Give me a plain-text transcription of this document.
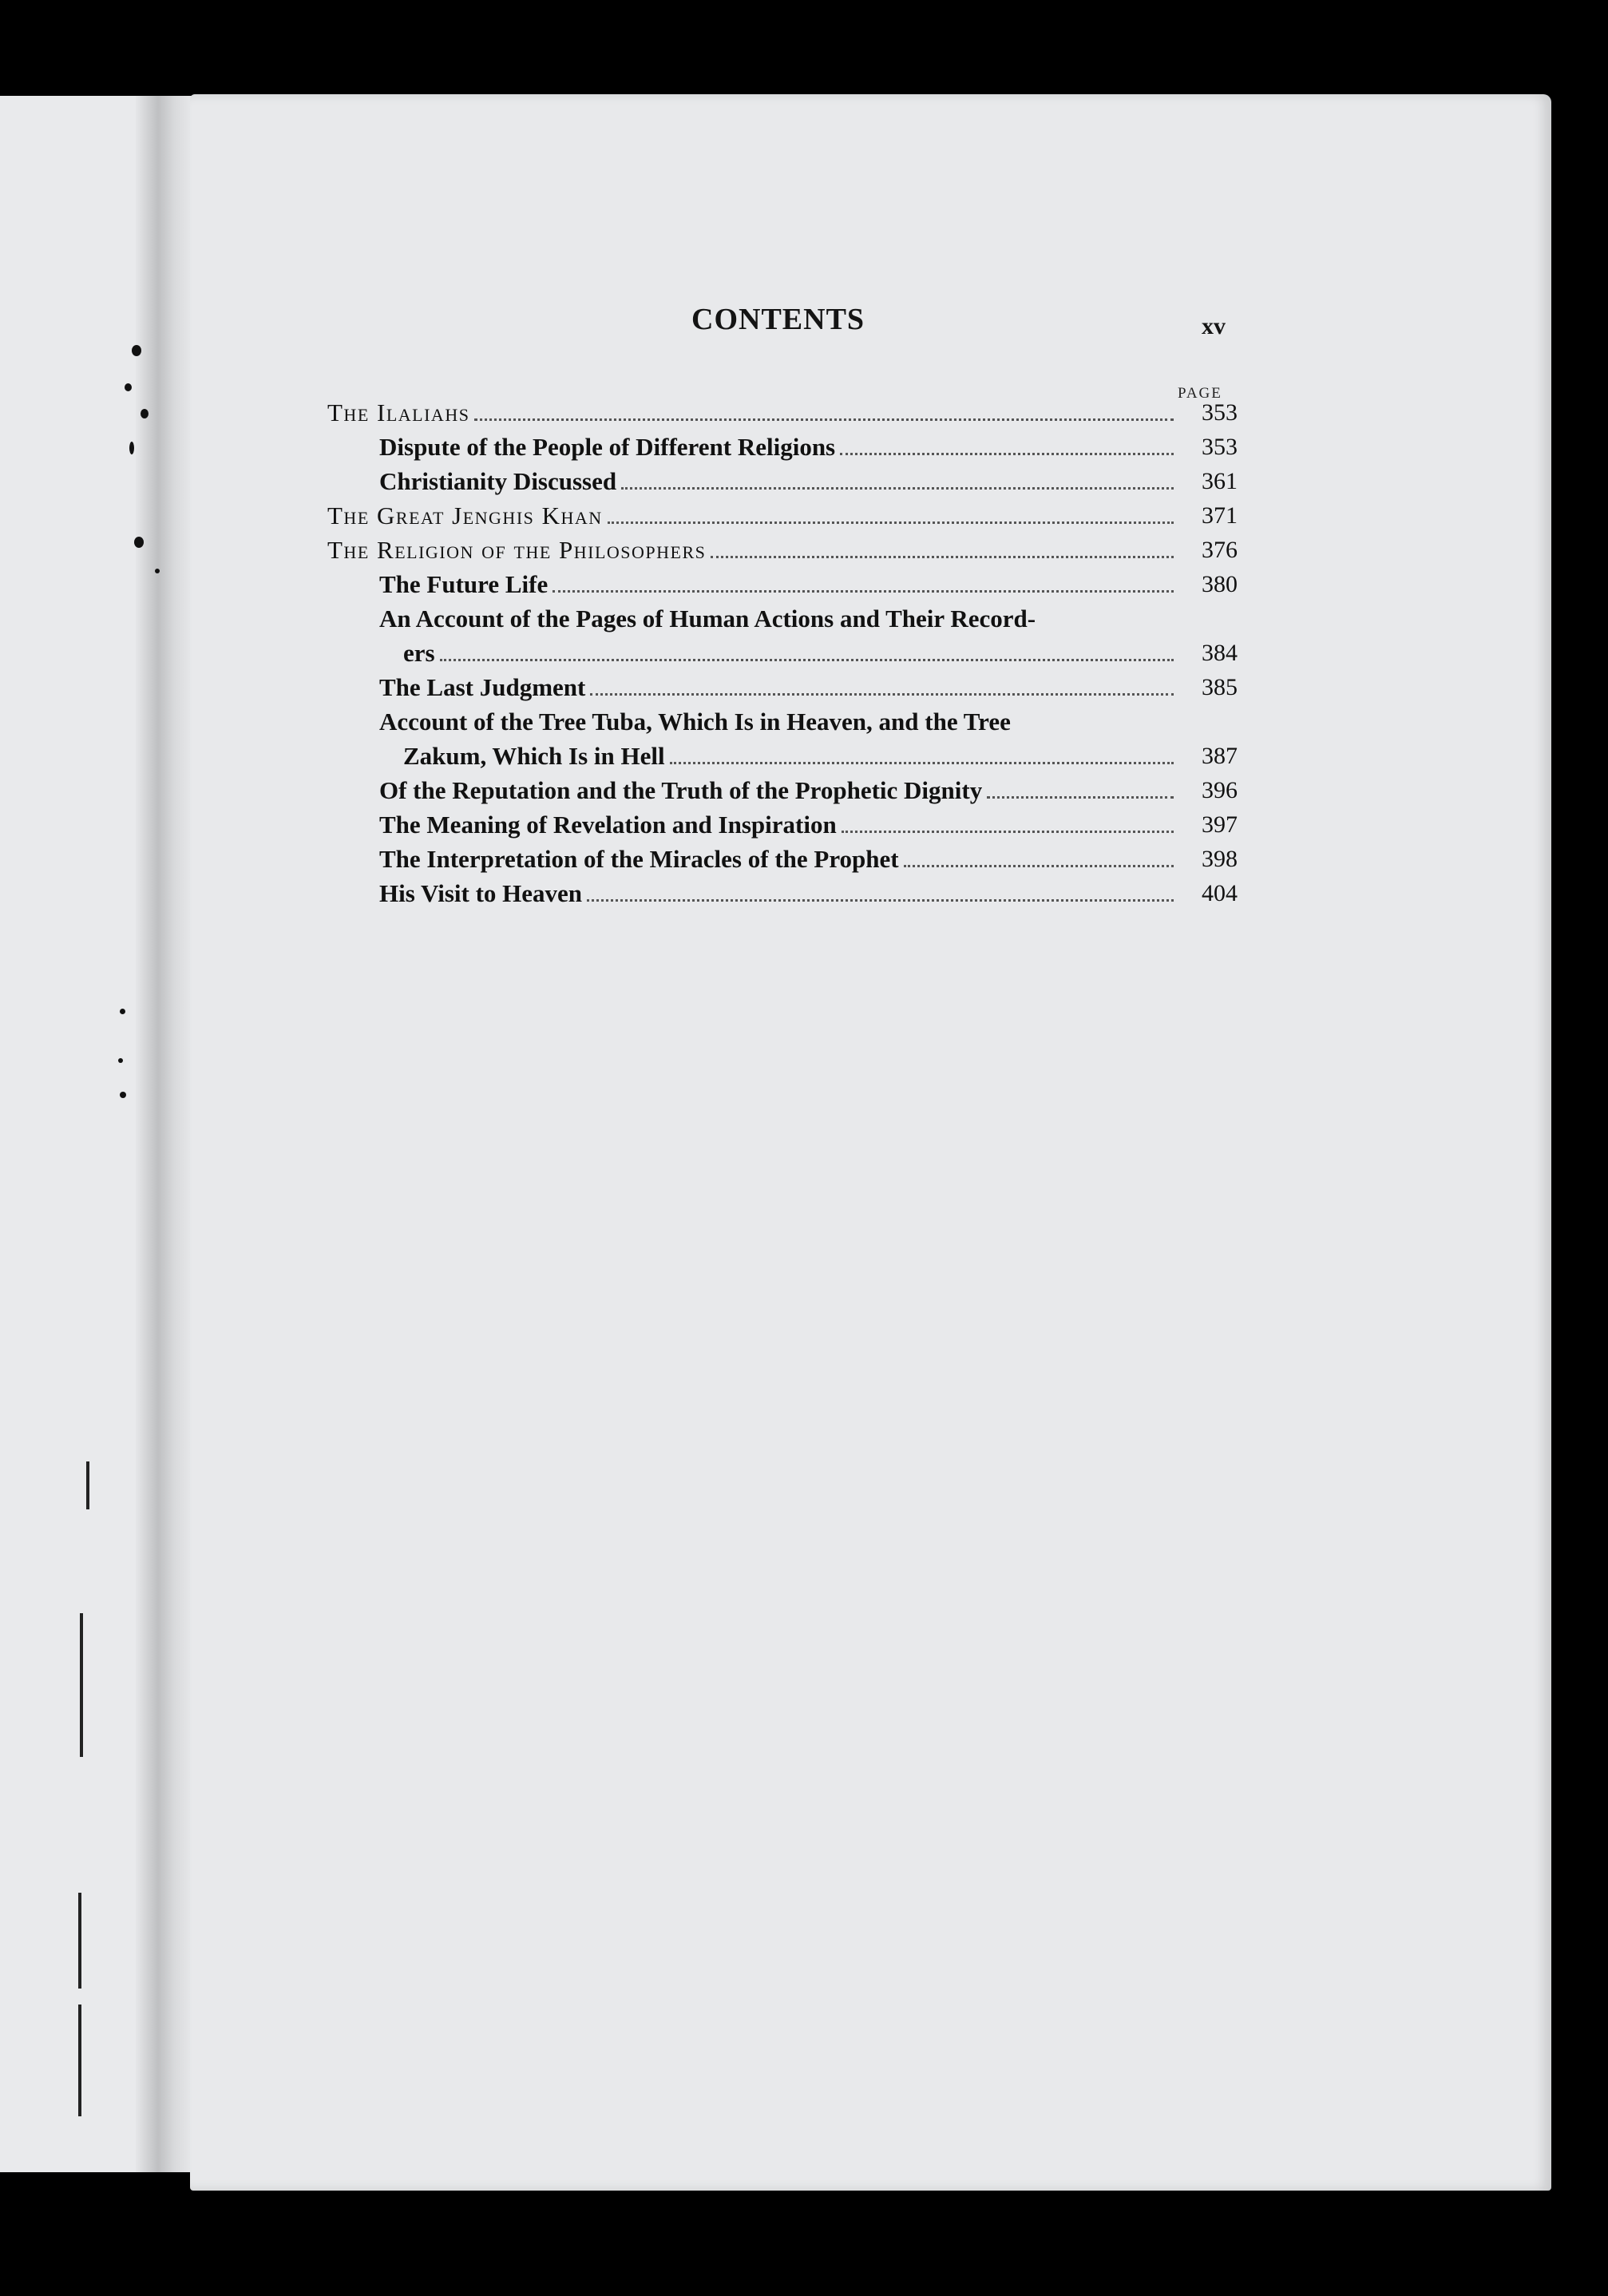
CONTENTS	xv
PAGE
The Ilaliahs	353
Dispute of the People of Different Religions	353
Christianity Discussed	361
The Great Jenghis Khan	371
The Religion of the Philosophers	376
The Future Life	380
An Account of the Pages of Human Actions and Their Record-
ers	384
The Last Judgment	385
Account of the Tree Tuba, Which Is in Heaven, and the Tree
Zakum, Which Is in Hell	387
Of the Reputation and the Truth of the Prophetic Dignity	396
The Meaning of Revelation and Inspiration	397
The Interpretation of the Miracles of the Prophet	398
His Visit to Heaven	404
